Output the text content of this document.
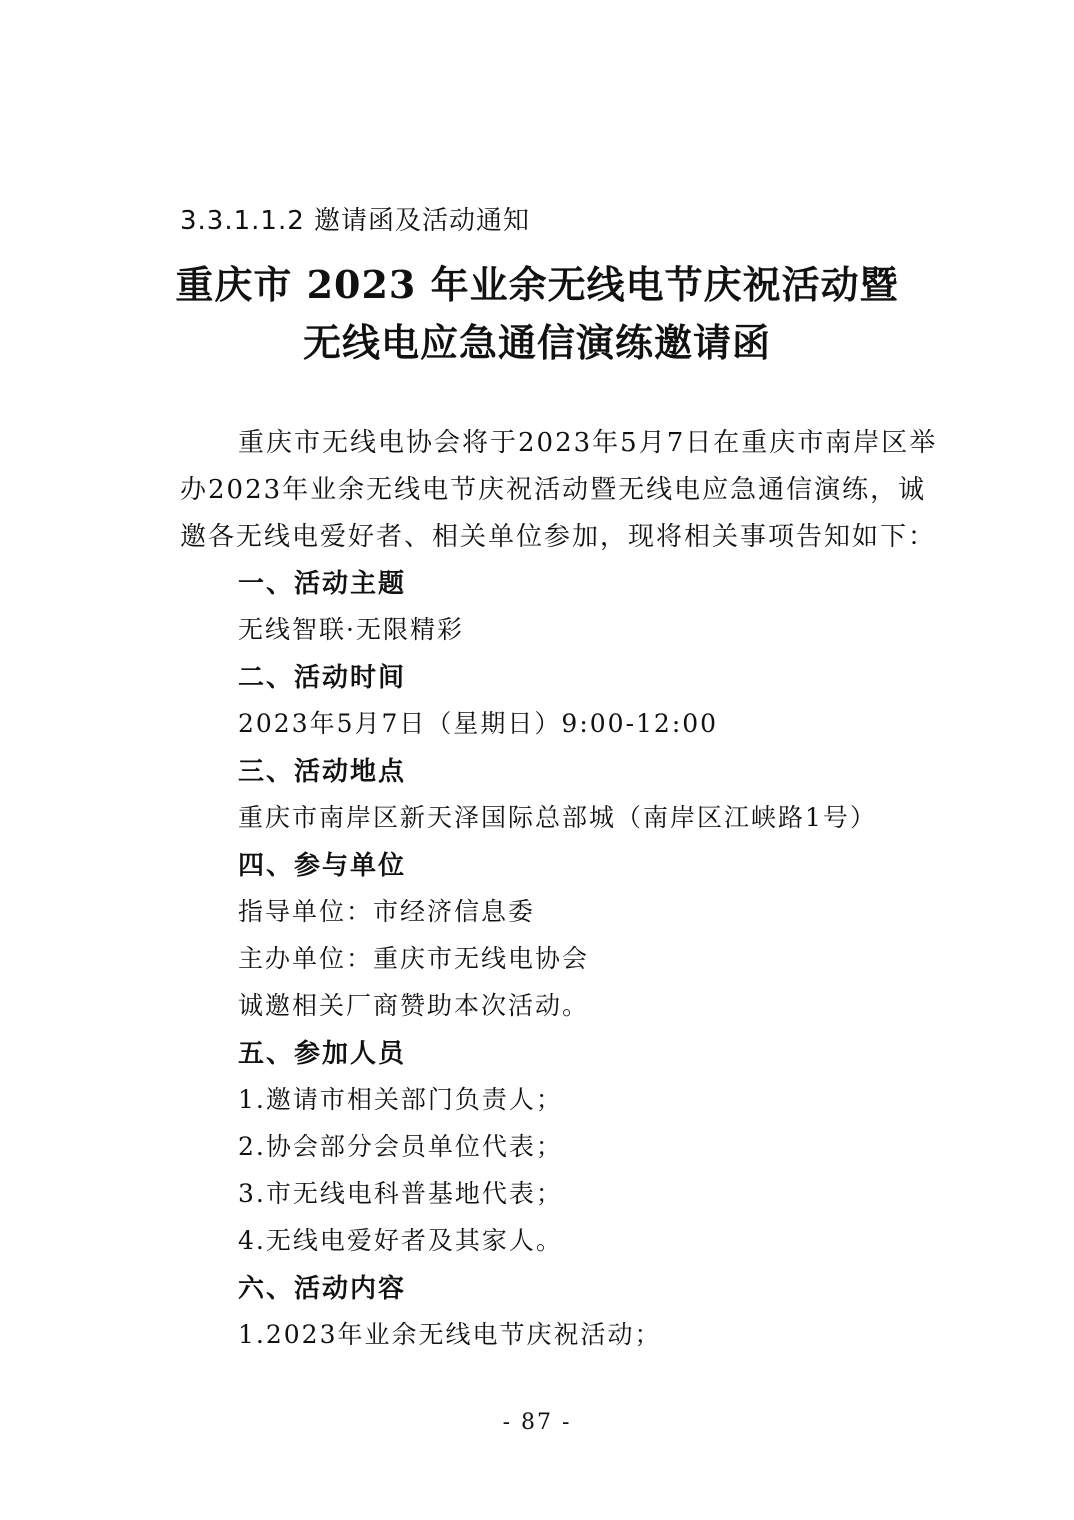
3.3.1.1.2 邀请函及活动通知
重庆市 2023 年业余无线电节庆祝活动暨
无线电应急通信演练邀请函
重庆市无线电协会将于2023年5月7日在重庆市南岸区举
办2023年业余无线电节庆祝活动暨无线电应急通信演练，诚
邀各无线电爱好者、相关单位参加，现将相关事项告知如下：
一、活动主题
无线智联·无限精彩
二、活动时间
2023年5月7日（星期日）9:00-12:00
三、活动地点
重庆市南岸区新天泽国际总部城（南岸区江峡路1号）
四、参与单位
指导单位：市经济信息委
主办单位：重庆市无线电协会
诚邀相关厂商赞助本次活动。
五、参加人员
1.邀请市相关部门负责人；
2.协会部分会员单位代表；
3.市无线电科普基地代表；
4.无线电爱好者及其家人。
六、活动内容
1.2023年业余无线电节庆祝活动；
- 87 -
